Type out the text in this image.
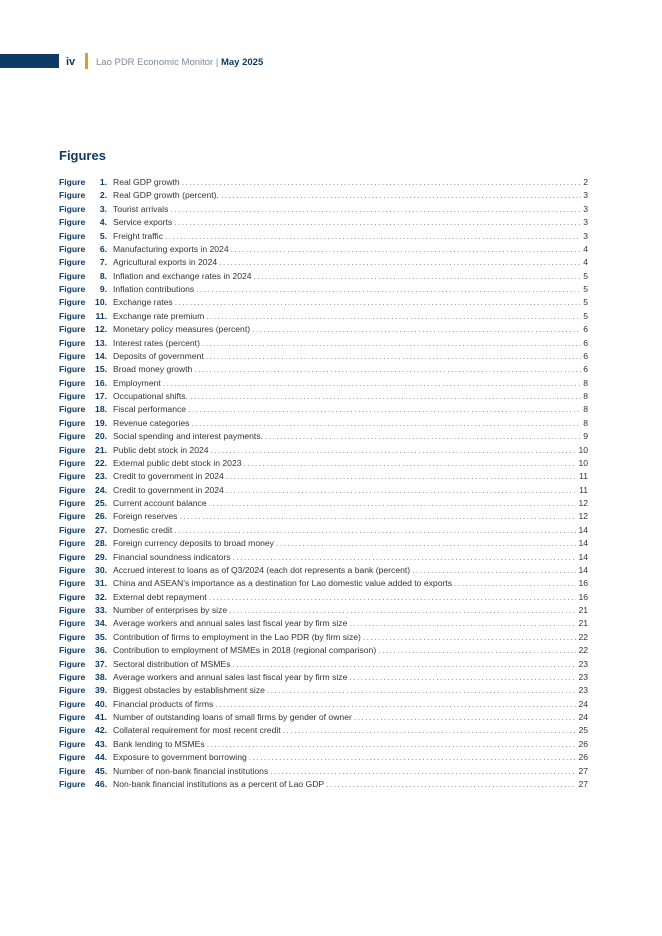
iv Lao PDR Economic Monitor | May 2025
Figures
Figure 1. Real GDP growth . . .	2
Figure 2. Real GDP growth (percent). . . .	3
Figure 3. Tourist arrivals . . .	3
Figure 4. Service exports . . .	3
Figure 5. Freight traffic . . .	3
Figure 6. Manufacturing exports in 2024 . . .	4
Figure 7. Agricultural exports in 2024 . . .	4
Figure 8. Inflation and exchange rates in 2024 . . .	5
Figure 9. Inflation contributions . . .	5
Figure 10. Exchange rates . . .	5
Figure 11. Exchange rate premium . . .	5
Figure 12. Monetary policy measures (percent) . . .	6
Figure 13. Interest rates (percent) . . .	6
Figure 14. Deposits of government . . .	6
Figure 15. Broad money growth . . .	6
Figure 16. Employment . . .	8
Figure 17. Occupational shifts. . . .	8
Figure 18. Fiscal performance . . .	8
Figure 19. Revenue categories . . .	8
Figure 20. Social spending and interest payments. . . .	9
Figure 21. Public debt stock in 2024 . . .	10
Figure 22. External public debt stock in 2023 . . .	10
Figure 23. Credit to government in 2024 . . .	11
Figure 24. Credit to government in 2024 . . .	11
Figure 25. Current account balance . . .	12
Figure 26. Foreign reserves . . .	12
Figure 27. Domestic credit . . .	14
Figure 28. Foreign currency deposits to broad money . . .	14
Figure 29. Financial soundness indicators . . .	14
Figure 30. Accrued interest to loans as of Q3/2024 (each dot represents a bank (percent) . . .	14
Figure 31. China and ASEAN’s importance as a destination for Lao domestic value added to exports . . .	16
Figure 32. External debt repayment . . .	16
Figure 33. Number of enterprises by size . . .	21
Figure 34. Average workers and annual sales last fiscal year by firm size . . .	21
Figure 35. Contribution of firms to employment in the Lao PDR (by firm size) . . .	22
Figure 36. Contribution to employment of MSMEs in 2018 (regional comparison) . . .	22
Figure 37. Sectoral distribution of MSMEs . . .	23
Figure 38. Average workers and annual sales last fiscal year by firm size . . .	23
Figure 39. Biggest obstacles by establishment size . . .	23
Figure 40. Financial products of firms . . .	24
Figure 41. Number of outstanding loans of small firms by gender of owner . . .	24
Figure 42. Collateral requirement for most recent credit . . .	25
Figure 43. Bank lending to MSMEs . . .	26
Figure 44. Exposure to government borrowing . . .	26
Figure 45. Number of non-bank financial institutions . . .	27
Figure 46. Non-bank financial institutions as a percent of Lao GDP . . .	27
